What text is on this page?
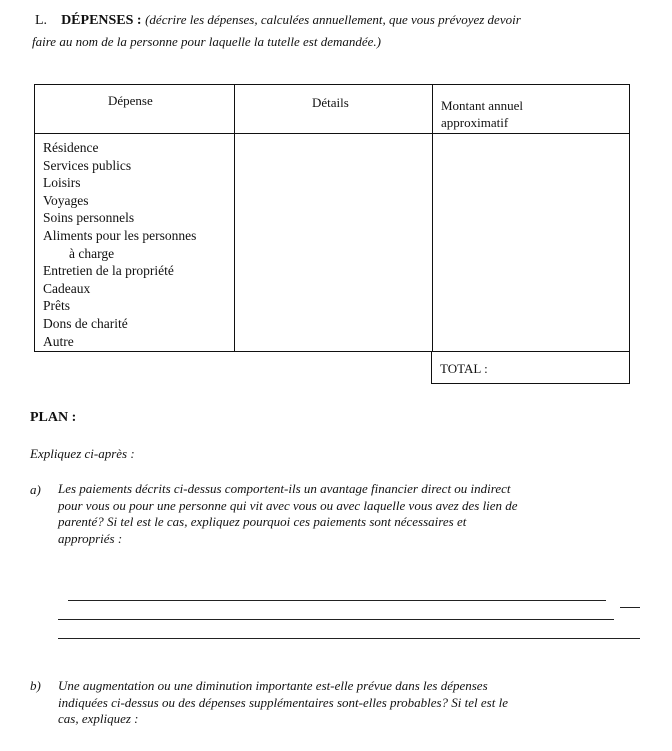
L. DÉPENSES : (décrire les dépenses, calculées annuellement, que vous prévoyez devoir
faire au nom de la personne pour laquelle la tutelle est demandée.)
Dépense	Détails	Montant annuel
approximatif
Résidence
Services publics
Loisirs
Voyages
Soins personnels
Aliments pour les personnes
à charge
Entretien de la propriété
Cadeaux
Prêts
Dons de charité
Autre
TOTAL :
PLAN :
Expliquez ci-après :
a) Les paiements décrits ci-dessus comportent-ils un avantage financier direct ou indirect
pour vous ou pour une personne qui vit avec vous ou avec laquelle vous avez des lien de
parenté? Si tel est le cas, expliquez pourquoi ces paiements sont nécessaires et
appropriés :
b) Une augmentation ou une diminution importante est-elle prévue dans les dépenses
indiquées ci-dessus ou des dépenses supplémentaires sont-elles probables? Si tel est le
cas, expliquez :
